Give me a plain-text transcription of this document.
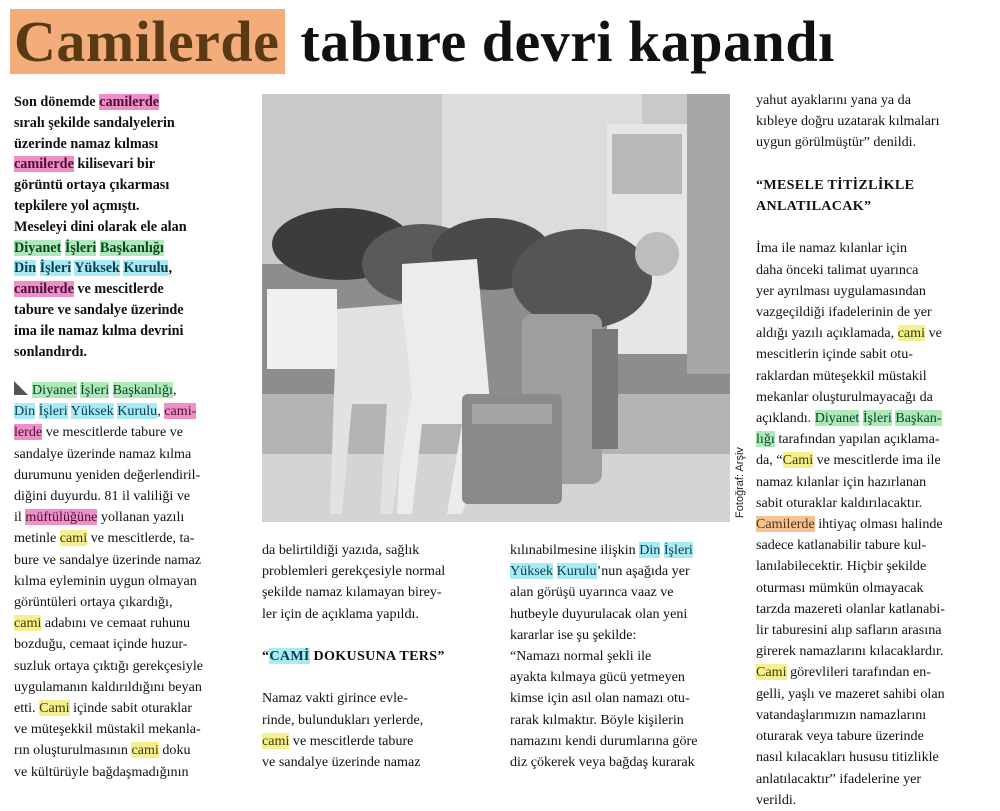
Camilerde tabure devri kapandı
Son dönemde camilerde
sıralı şekilde sandalyelerin
üzerinde namaz kılması
camilerde kilisevari bir
görüntü ortaya çıkarması
tepkilere yol açmıştı.
Meseleyi dini olarak ele alan
Diyanet İşleri Başkanlığı
Din İşleri Yüksek Kurulu,
camilerde ve mescitlerde
tabure ve sandalye üzerinde
ima ile namaz kılma devrini
sonlandırdı.
Fotoğraf: Arşiv
Diyanet İşleri Başkanlığı,
Din İşleri Yüksek Kurulu, cami-
lerde ve mescitlerde tabure ve
sandalye üzerinde namaz kılma
durumunu yeniden değerlendiril-
diğini duyurdu. 81 il valiliği ve
il müftülüğüne yollanan yazılı
metinle cami ve mescitlerde, ta-
bure ve sandalye üzerinde namaz
kılma eyleminin uygun olmayan
görüntüleri ortaya çıkardığı,
cami adabını ve cemaat ruhunu
bozduğu, cemaat içinde huzur-
suzluk ortaya çıktığı gerekçesiyle
uygulamanın kaldırıldığını beyan
etti. Cami içinde sabit oturaklar
ve müteşekkil müstakil mekanla-
rın oluşturulmasının cami doku
ve kültürüyle bağdaşmadığının
da belirtildiği yazıda, sağlık
problemleri gerekçesiyle normal
şekilde namaz kılamayan birey-
ler için de açıklama yapıldı.

“CAMİ DOKUSUNA TERS”

Namaz vakti girince evle-
rinde, bulundukları yerlerde,
cami ve mescitlerde tabure
ve sandalye üzerinde namaz
kılınabilmesine ilişkin Din İşleri
Yüksek Kurulu’nun aşağıda yer
alan görüşü uyarınca vaaz ve
hutbeyle duyurulacak olan yeni
kararlar ise şu şekilde:
“Namazı normal şekli ile
ayakta kılmaya gücü yetmeyen
kimse için asıl olan namazı otu-
rarak kılmaktır. Böyle kişilerin
namazını kendi durumlarına göre
diz çökerek veya bağdaş kurarak
yahut ayaklarını yana ya da
kıbleye doğru uzatarak kılmaları
uygun görülmüştür” denildi.

“MESELE TİTİZLİKLE
ANLATILACAK”

İma ile namaz kılanlar için
daha önceki talimat uyarınca
yer ayrılması uygulamasından
vazgeçildiği ifadelerinin de yer
aldığı yazılı açıklamada, cami ve
mescitlerin içinde sabit otu-
raklardan müteşekkil müstakil
mekanlar oluşturulmayacağı da
açıklandı. Diyanet İşleri Başkan-
lığı tarafından yapılan açıklama-
da, “Cami ve mescitlerde ima ile
namaz kılanlar için hazırlanan
sabit oturaklar kaldırılacaktır.
Camilerde ihtiyaç olması halinde
sadece katlanabilir tabure kul-
lanılabilecektir. Hiçbir şekilde
oturması mümkün olmayacak
tarzda mazereti olanlar katlanabi-
lir taburesini alıp safların arasına
girerek namazlarını kılacaklardır.
Cami görevlileri tarafından en-
gelli, yaşlı ve mazeret sahibi olan
vatandaşlarımızın namazlarını
oturarak veya tabure üzerinde
nasıl kılacakları hususu titizlikle
anlatılacaktır” ifadelerine yer
verildi.
